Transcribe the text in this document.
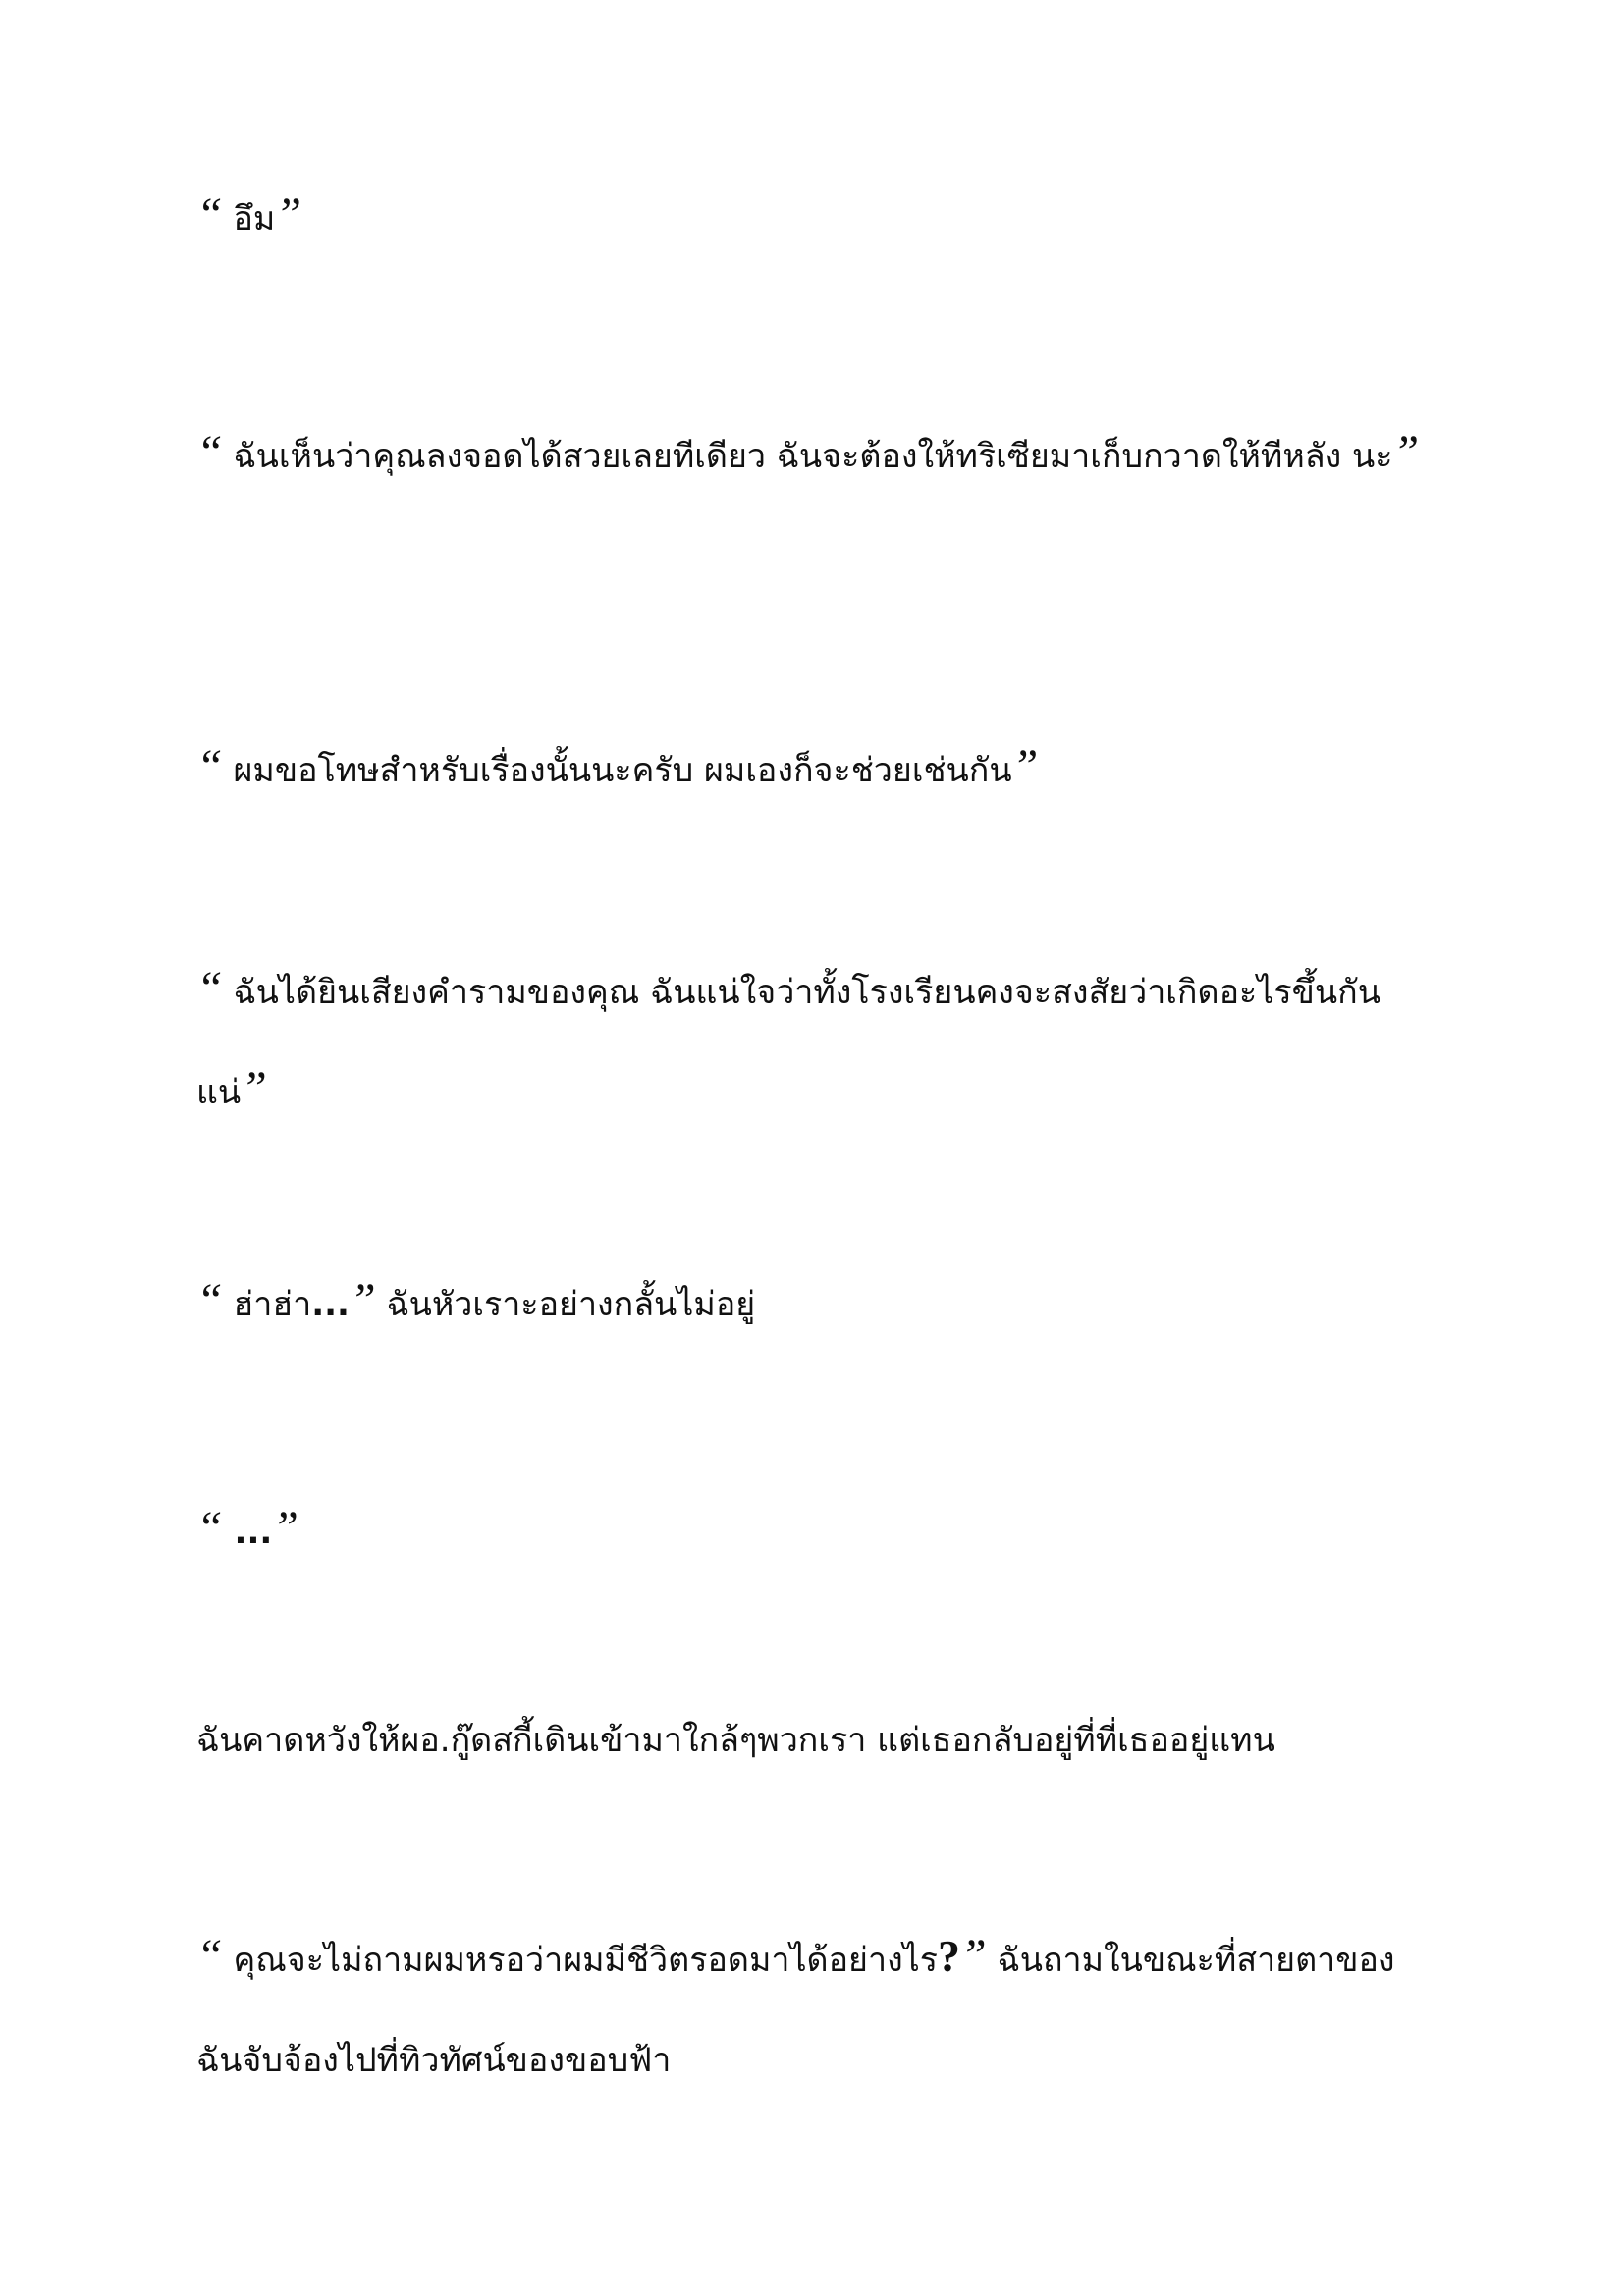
“ อึม”

“ ฉันเห็นว่าคุณลงจอดได้สวยเลยทีเดียว ฉันจะต้องให้ทริเซียมาเก็บกวาดให้ทีหลัง นะ”

“ ผมขอโทษสำหรับเรื่องนั้นนะครับ ผมเองก็จะช่วยเช่นกัน”

“ ฉันได้ยินเสียงคำรามของคุณ ฉันแน่ใจว่าทั้งโรงเรียนคงจะสงสัยว่าเกิดอะไรขึ้นกัน แน่”

“ ฮ่าฮ่า...” ฉันหัวเราะอย่างกลั้นไม่อยู่

“ ...”

ฉันคาดหวังให้ผอ.กู๊ดสกี้เดินเข้ามาใกล้ๆพวกเรา แต่เธอกลับอยู่ที่ที่เธออยู่แทน

“ คุณจะไม่ถามผมหรอว่าผมมีชีวิตรอดมาได้อย่างไร?” ฉันถามในขณะที่สายตาของฉันจับจ้องไปที่ทิวทัศน์ของขอบฟ้า
